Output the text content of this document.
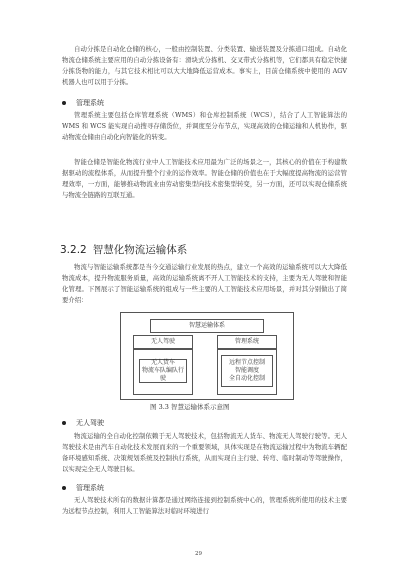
自动分拣是自动化仓储的核心，一般由控制装置、分类装置、输送装置及分拣道口组成。自动化物流仓储系统主要应用的自动分拣设备有：滑块式分拣机、交叉带式分拣机等，它们都具有稳定快捷分拣货物的能力，与其它技术相比可以大大地降低运营成本。事实上，目前仓储系统中使用的 AGV 机器人也可以用于分拣。

管理系统

管理系统主要包括仓库管理系统（WMS）和仓库控制系统（WCS），结合了人工智能算法的 WMS 和 WCS 能实现自动搜寻存储货位，并调度至分布节点，实现高效的仓储运输和人机协作，驱动物流仓储由自动化向智能化的转变。

智能仓储是智能化物流行业中人工智能技术应用最为广泛的场景之一，其核心的价值在于构建数据驱动的流程体系，从而提升整个行业的运作效率。智能仓储的价值也在于大幅度提高物流的运营管理效率，一方面，能够推动物流业由劳动密集型向技术密集型转变，另一方面，还可以实现仓储系统与物流全链路的互联互通。

3.2.2 智慧化物流运输体系

物流与智能运输系统都是当今交通运输行业发展的热点，建立一个高效的运输系统可以大大降低物流成本，提升物流服务质量，高效的运输系统离不开人工智能技术的支持，主要为无人驾驶和智能化管理。下图展示了智能运输系统的组成与一些主要的人工智能技术应用场景，并对其分别做出了简要介绍：

智慧运输体系
无人驾驶	管理系统
无人货车
物流车队编队行驶
远程节点控制
智能调度
全自动化控制
图 3.3 智慧运输体系示意图
无人驾驶

物流运输的全自动化控制依赖于无人驾驶技术，包括物流无人货车、物流无人驾驶行驶等。无人驾驶技术是由汽车自动化技术发展而来的一个重要领域，具体实现是在物流运输过程中为物流车辆配备环境感知系统、决策规划系统及控制执行系统，从而实现自主行驶、转弯、临时制动等驾驶操作，以实现完全无人驾驶目标。

管理系统

无人驾驶技术所有的数据计算都是通过网络连接到控制系统中心的，管理系统所使用的技术主要为远程节点控制，利用人工智能算法对临时环境进行

29
